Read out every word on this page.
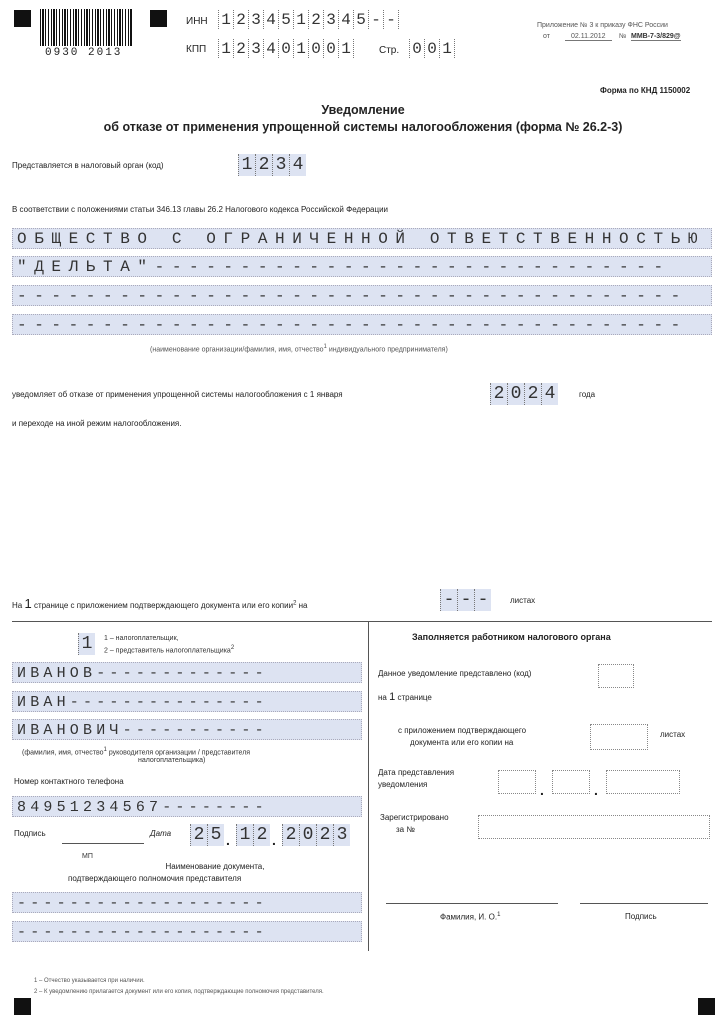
0930 2013
ИНН 1 2 3 4 5 1 2 3 4 5 - -
КПП 1 2 3 4 0 1 0 0 1	Стр. 0 0 1
Приложение № 3 к приказу ФНС России
от	02.11.2012	№ ММВ-7-3/829@
Форма по КНД 1150002
Уведомление
об отказе от применения упрощенной системы налогообложения (форма № 26.2-3)
Представляется в налоговый орган (код)	1 2 3 4
В соответствии с положениями статьи 346.13 главы 26.2 Налогового кодекса Российской Федерации
ОБЩЕСТВО С ОГРАНИЧЕННОЙ ОТВЕТСТВЕННОСТЬЮ
"ДЕЛЬТА"------------------------------
---------------------------------------
---------------------------------------
(наименование организации/фамилия, имя, отчество$^1$ индивидуального предпринимателя)
уведомляет об отказе от применения упрощенной системы налогообложения с 1 января	2 0 2 4	года
и переходе на иной режим налогообложения.
На 1 странице с приложением подтверждающего документа или его копии$^2$ на	- - -	листах
1	1 – налогоплательщик,
2 – представитель налогоплательщика$^2$
ИВАНОВ-------------
ИВАН---------------
ИВАНОВИЧ-----------
(фамилия, имя, отчество$^1$ руководителя организации / представителя
налогоплательщика)
Номер контактного телефона
84951234567--------
Подпись	Дата 2 5 . 1 2 . 2 0 2 3
МП
Наименование документа,
подтверждающего полномочия представителя
-------------------
-------------------
Заполняется работником налогового органа
Данное уведомление представлено (код)
на 1 странице
с приложением подтверждающего
документа или его копии на
листах
Дата представления
уведомления	.	.
Зарегистрировано
за №
Фамилия, И. О.$^1$	Подпись
1 – Отчество указывается при наличии.
2 – К уведомлению прилагается документ или его копия, подтверждающие полномочия представителя.
